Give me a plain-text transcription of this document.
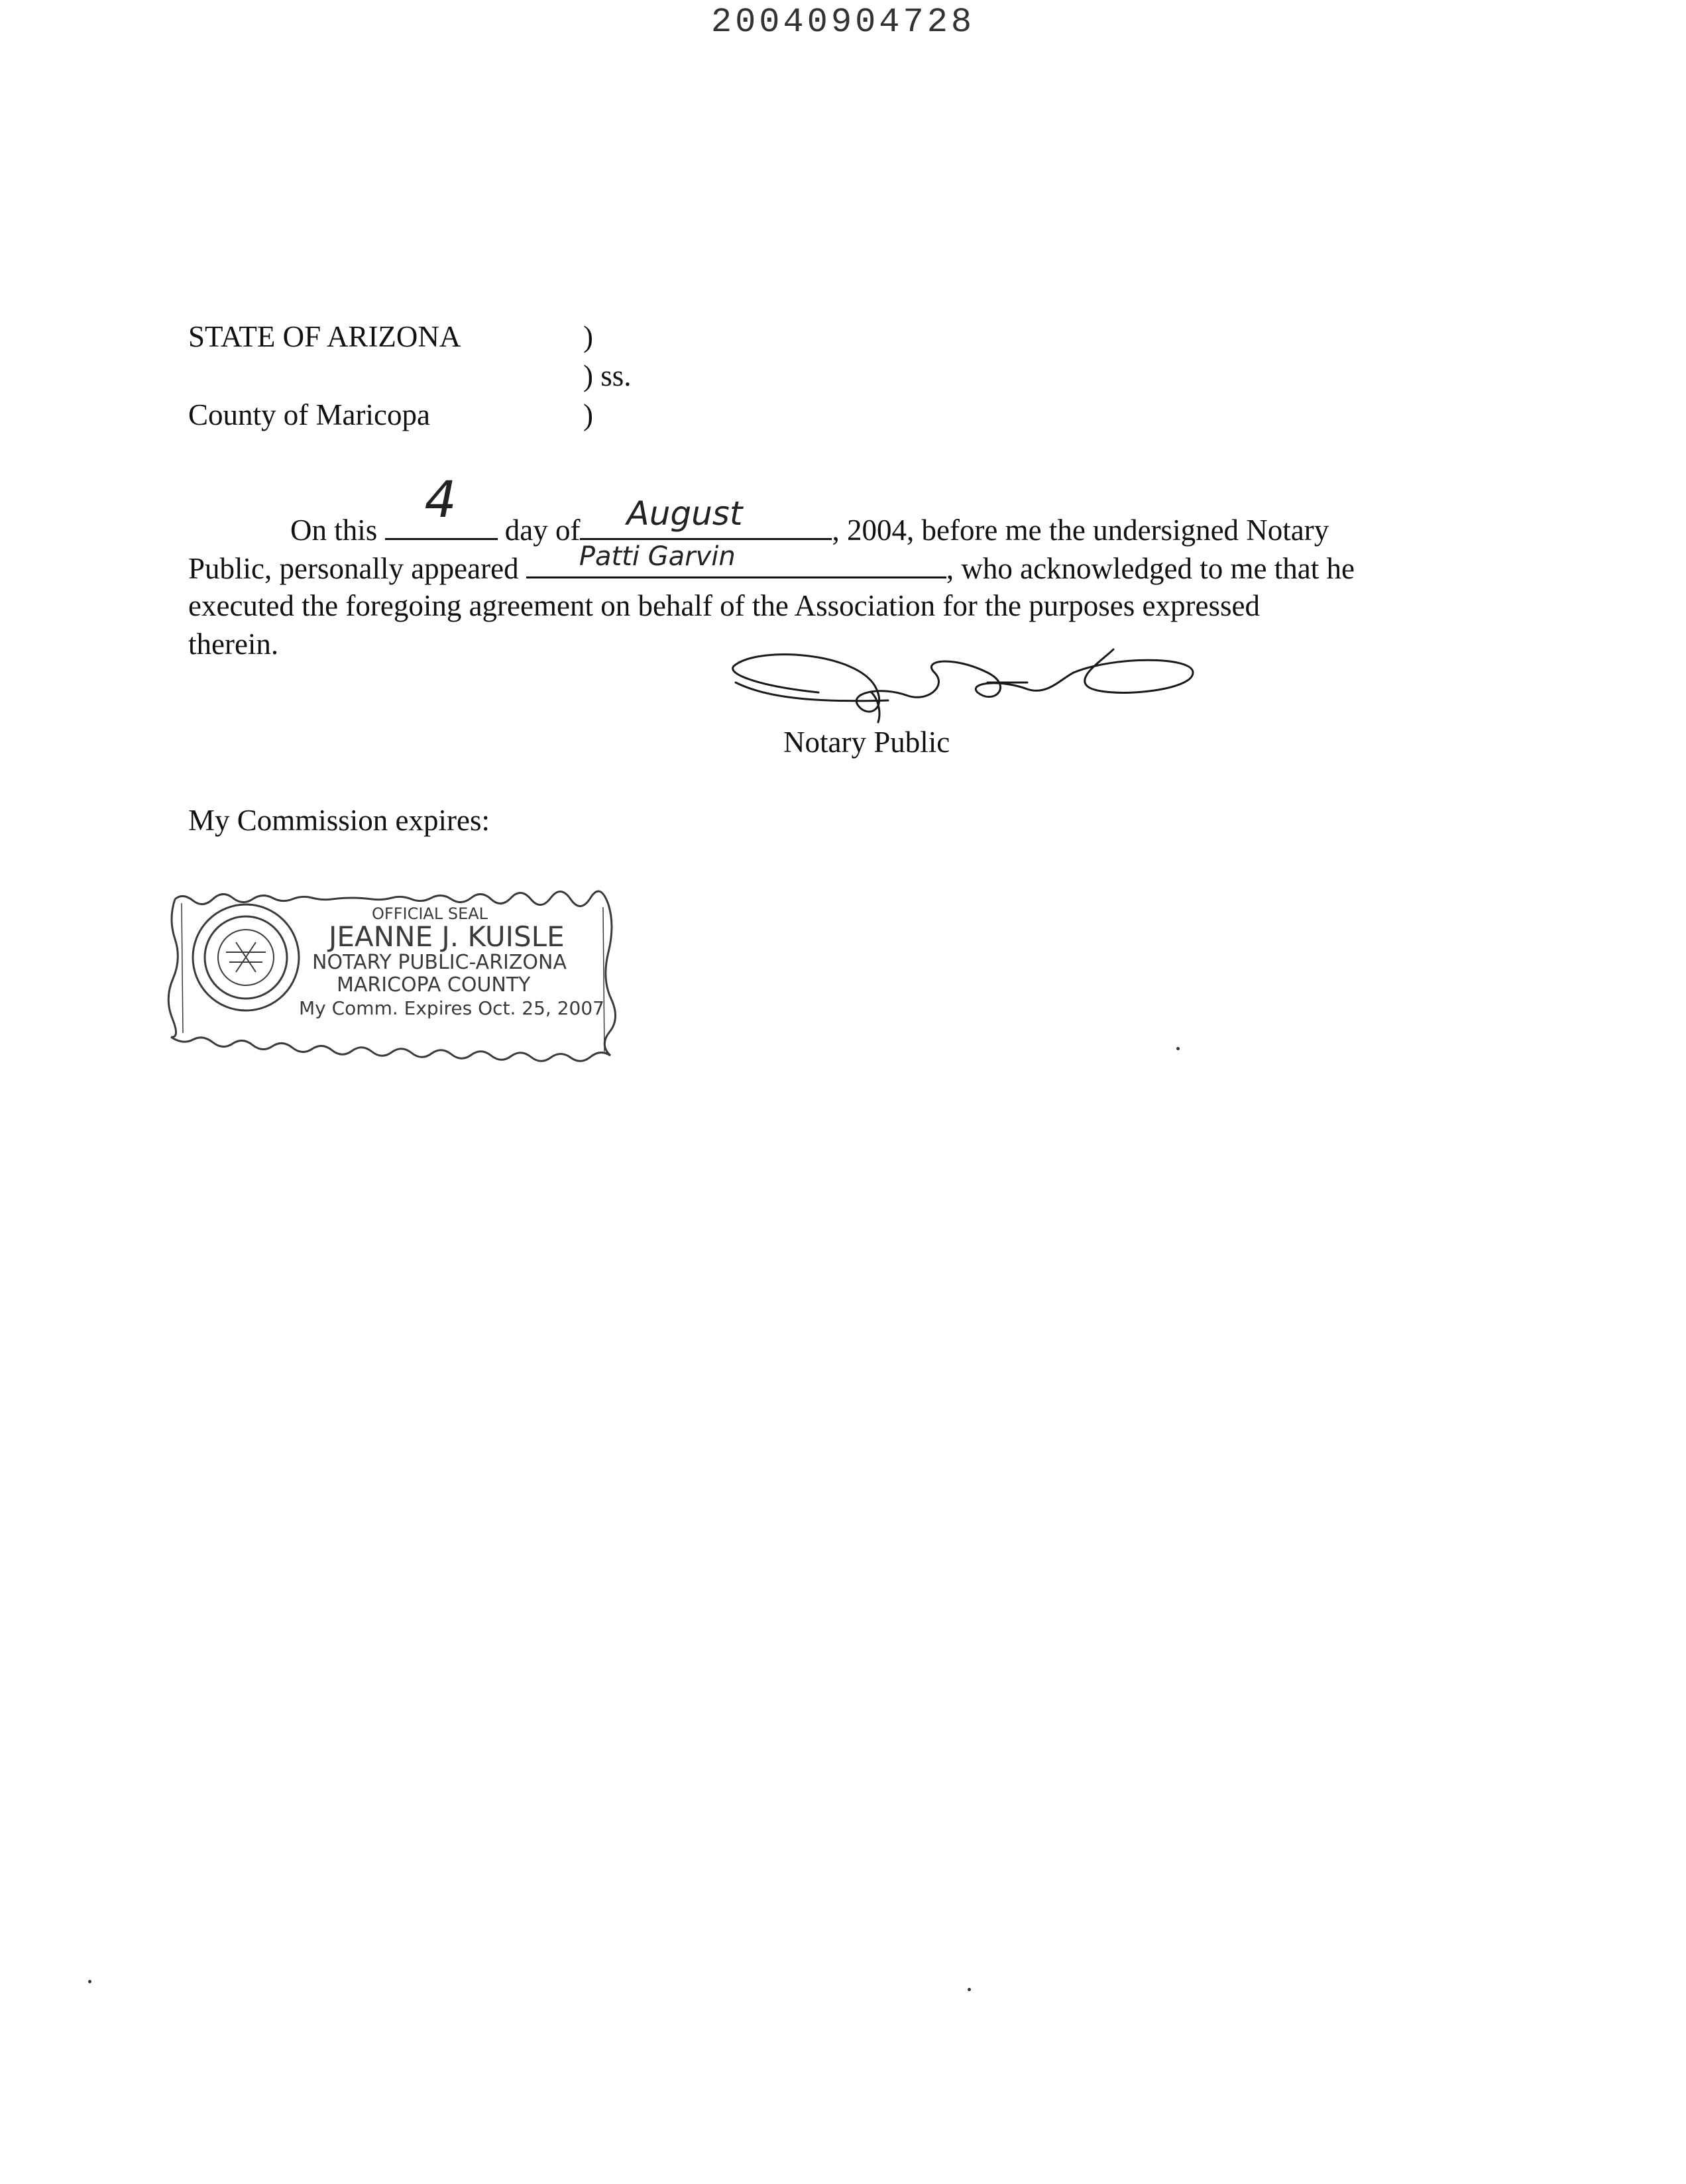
20040904728
STATE OF ARIZONA	)
) ss.
County of Maricopa	)
On this
4
day of August	, 2004, before me the undersigned Notary
Public, personally appeared Patti Garvin	, who acknowledged to me that he
executed the foregoing agreement on behalf of the Association for the purposes expressed
therein.
Notary Public
My Commission expires:
OFFICIAL SEAL
JEANNE J. KUISLE
NOTARY PUBLIC-ARIZONA
MARICOPA COUNTY
My Comm. Expires Oct. 25, 2007
